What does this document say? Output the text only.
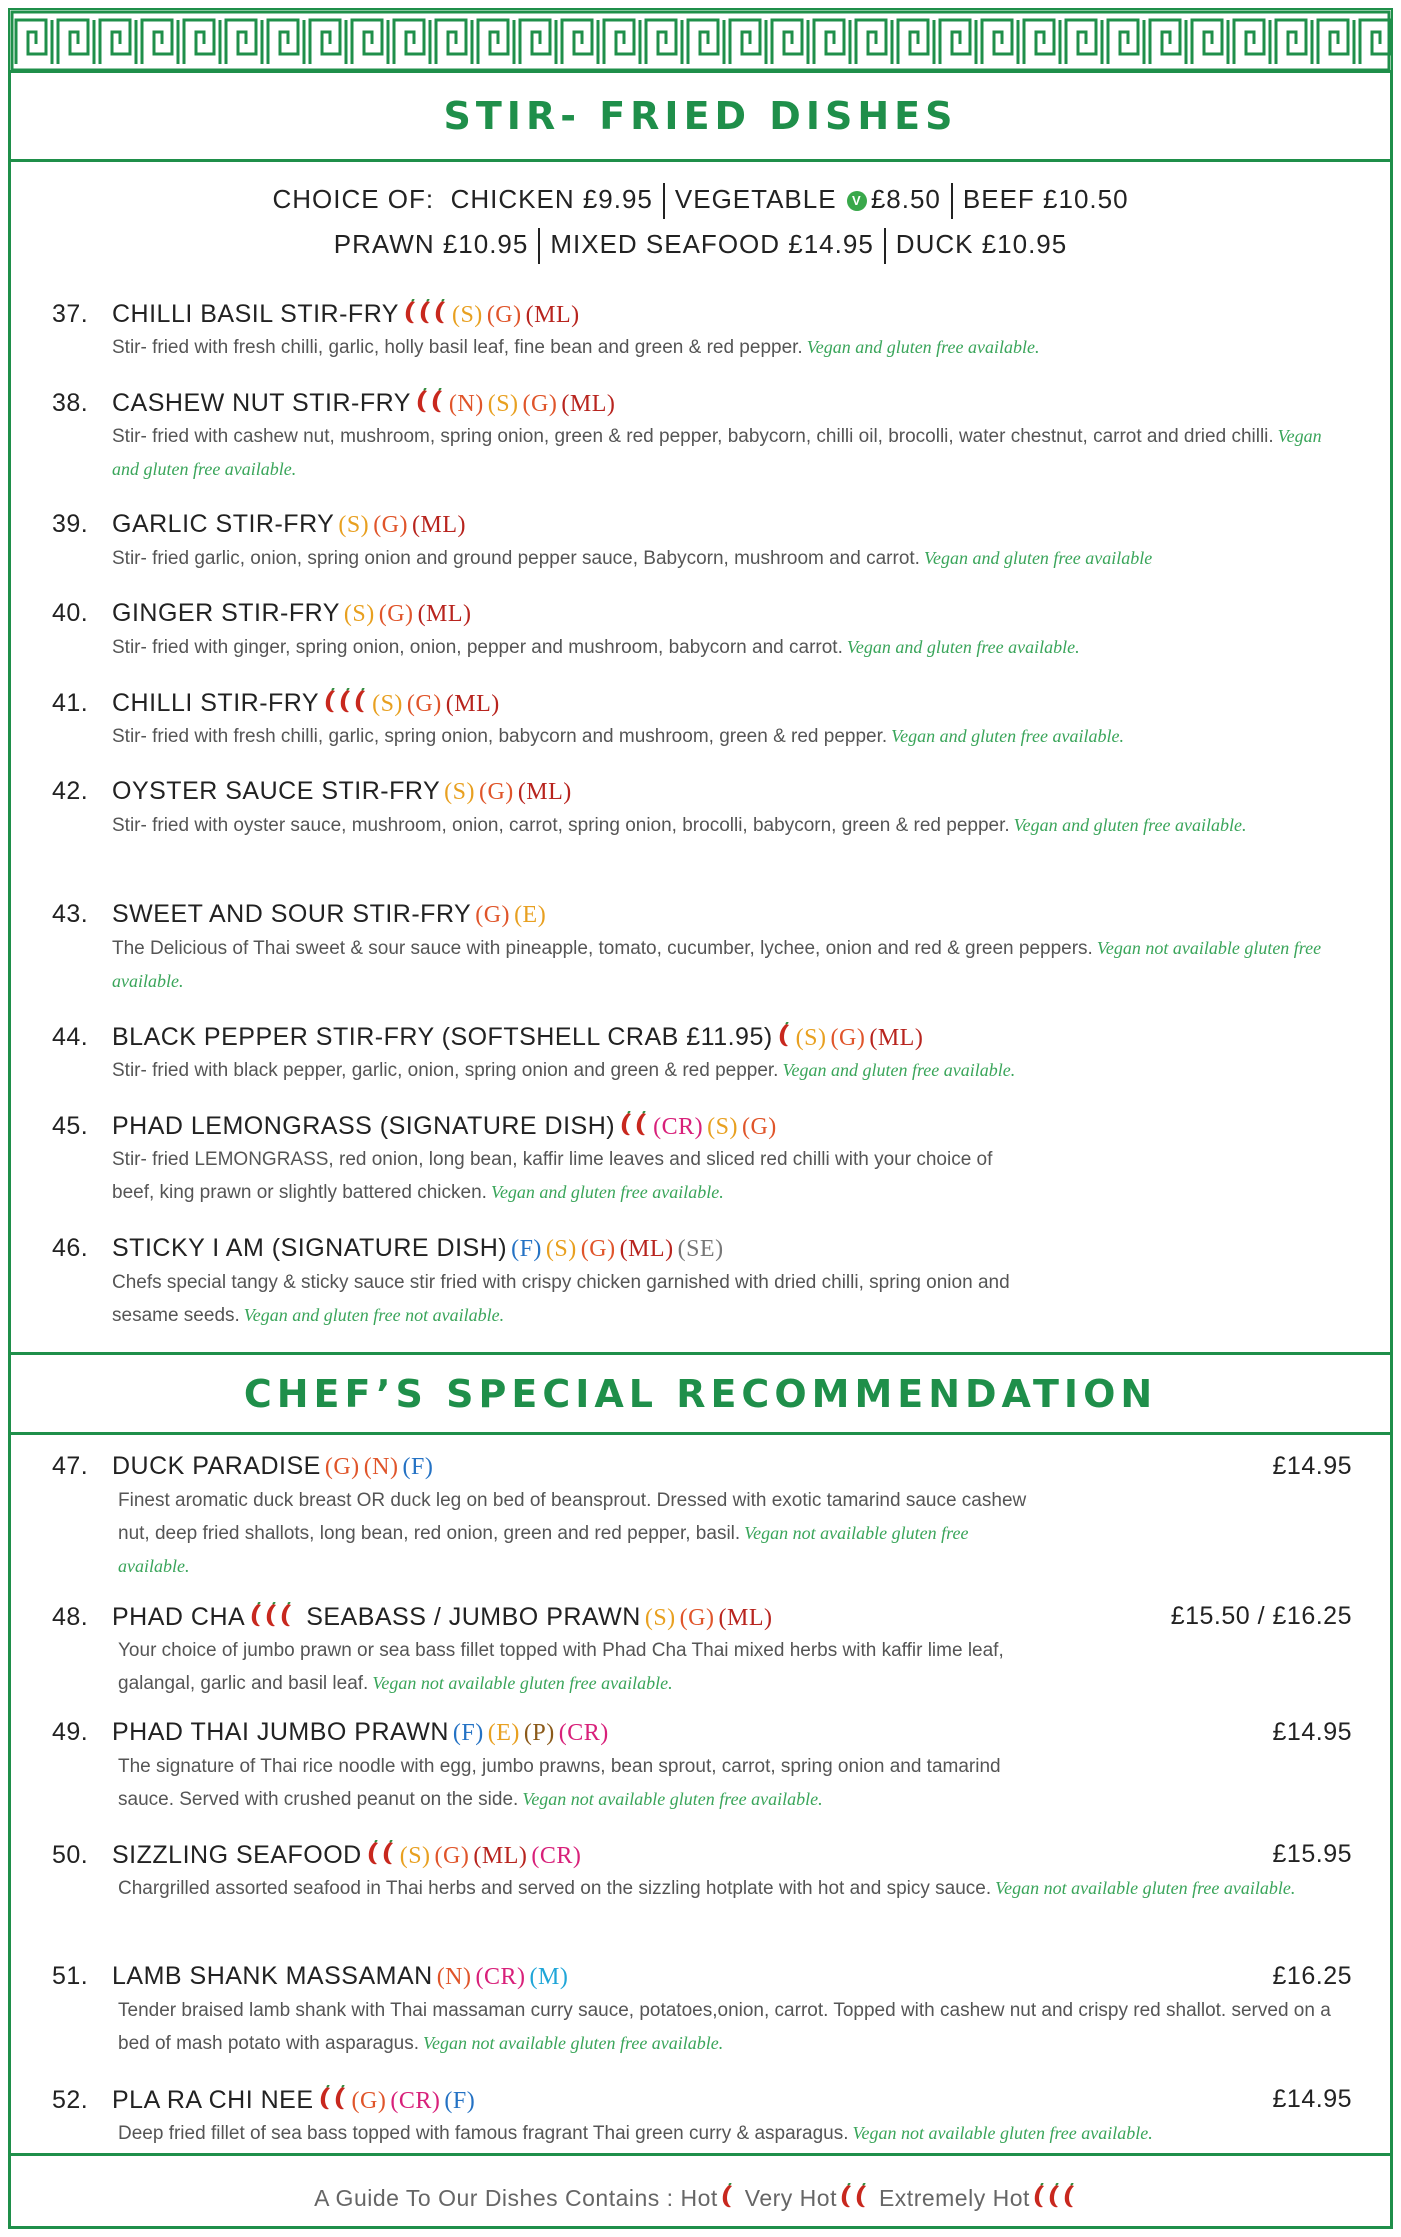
STIR- FRIED DISHES
CHOICE OF: CHICKEN £9.95 VEGETABLE V £8.50 BEEF £10.50
PRAWN £10.95 MIXED SEAFOOD £14.95 DUCK £10.95
37. CHILLI BASIL STIR-FRY (S) (G) (ML)
Stir- fried with fresh chilli, garlic, holly basil leaf, fine bean and green & red pepper. Vegan and gluten free available.
38. CASHEW NUT STIR-FRY (N) (S) (G) (ML)
Stir- fried with cashew nut, mushroom, spring onion, green & red pepper, babycorn, chilli oil, brocolli, water chestnut, carrot and dried chilli. Vegan and gluten free available.
39. GARLIC STIR-FRY (S) (G) (ML)
Stir- fried garlic, onion, spring onion and ground pepper sauce, Babycorn, mushroom and carrot. Vegan and gluten free available
40. GINGER STIR-FRY (S) (G) (ML)
Stir- fried with ginger, spring onion, onion, pepper and mushroom, babycorn and carrot. Vegan and gluten free available.
41. CHILLI STIR-FRY (S) (G) (ML)
Stir- fried with fresh chilli, garlic, spring onion, babycorn and mushroom, green & red pepper. Vegan and gluten free available.
42. OYSTER SAUCE STIR-FRY (S) (G) (ML)
Stir- fried with oyster sauce, mushroom, onion, carrot, spring onion, brocolli, babycorn, green & red pepper. Vegan and gluten free available.
43. SWEET AND SOUR STIR-FRY (G) (E)
The Delicious of Thai sweet & sour sauce with pineapple, tomato, cucumber, lychee, onion and red & green peppers. Vegan not available gluten free available.
44. BLACK PEPPER STIR-FRY (SOFTSHELL CRAB £11.95) (S) (G) (ML)
Stir- fried with black pepper, garlic, onion, spring onion and green & red pepper. Vegan and gluten free available.
45. PHAD LEMONGRASS (SIGNATURE DISH) (CR) (S) (G)
Stir- fried LEMONGRASS, red onion, long bean, kaffir lime leaves and sliced red chilli with your choice of beef, king prawn or slightly battered chicken. Vegan and gluten free available.
46. STICKY I AM (SIGNATURE DISH) (F) (S) (G) (ML) (SE)
Chefs special tangy & sticky sauce stir fried with crispy chicken garnished with dried chilli, spring onion and sesame seeds. Vegan and gluten free not available.
CHEF’S SPECIAL RECOMMENDATION
47. DUCK PARADISE (G) (N) (F)	£14.95
Finest aromatic duck breast OR duck leg on bed of beansprout. Dressed with exotic tamarind sauce cashew nut, deep fried shallots, long bean, red onion, green and red pepper, basil. Vegan not available gluten free available.
48. PHAD CHA SEABASS / JUMBO PRAWN (S) (G) (ML)	£15.50 / £16.25
Your choice of jumbo prawn or sea bass fillet topped with Phad Cha Thai mixed herbs with kaffir lime leaf, galangal, garlic and basil leaf. Vegan not available gluten free available.
49. PHAD THAI JUMBO PRAWN (F) (E) (P) (CR)	£14.95
The signature of Thai rice noodle with egg, jumbo prawns, bean sprout, carrot, spring onion and tamarind sauce. Served with crushed peanut on the side. Vegan not available gluten free available.
50. SIZZLING SEAFOOD (S) (G) (ML) (CR)	£15.95
Chargrilled assorted seafood in Thai herbs and served on the sizzling hotplate with hot and spicy sauce. Vegan not available gluten free available.
51. LAMB SHANK MASSAMAN (N) (CR) (M)	£16.25
Tender braised lamb shank with Thai massaman curry sauce, potatoes,onion, carrot. Topped with cashew nut and crispy red shallot. served on a bed of mash potato with asparagus. Vegan not available gluten free available.
52. PLA RA CHI NEE (G) (CR) (F)	£14.95
Deep fried fillet of sea bass topped with famous fragrant Thai green curry & asparagus. Vegan not available gluten free available.
A Guide To Our Dishes Contains : Hot Very Hot Extremely Hot
